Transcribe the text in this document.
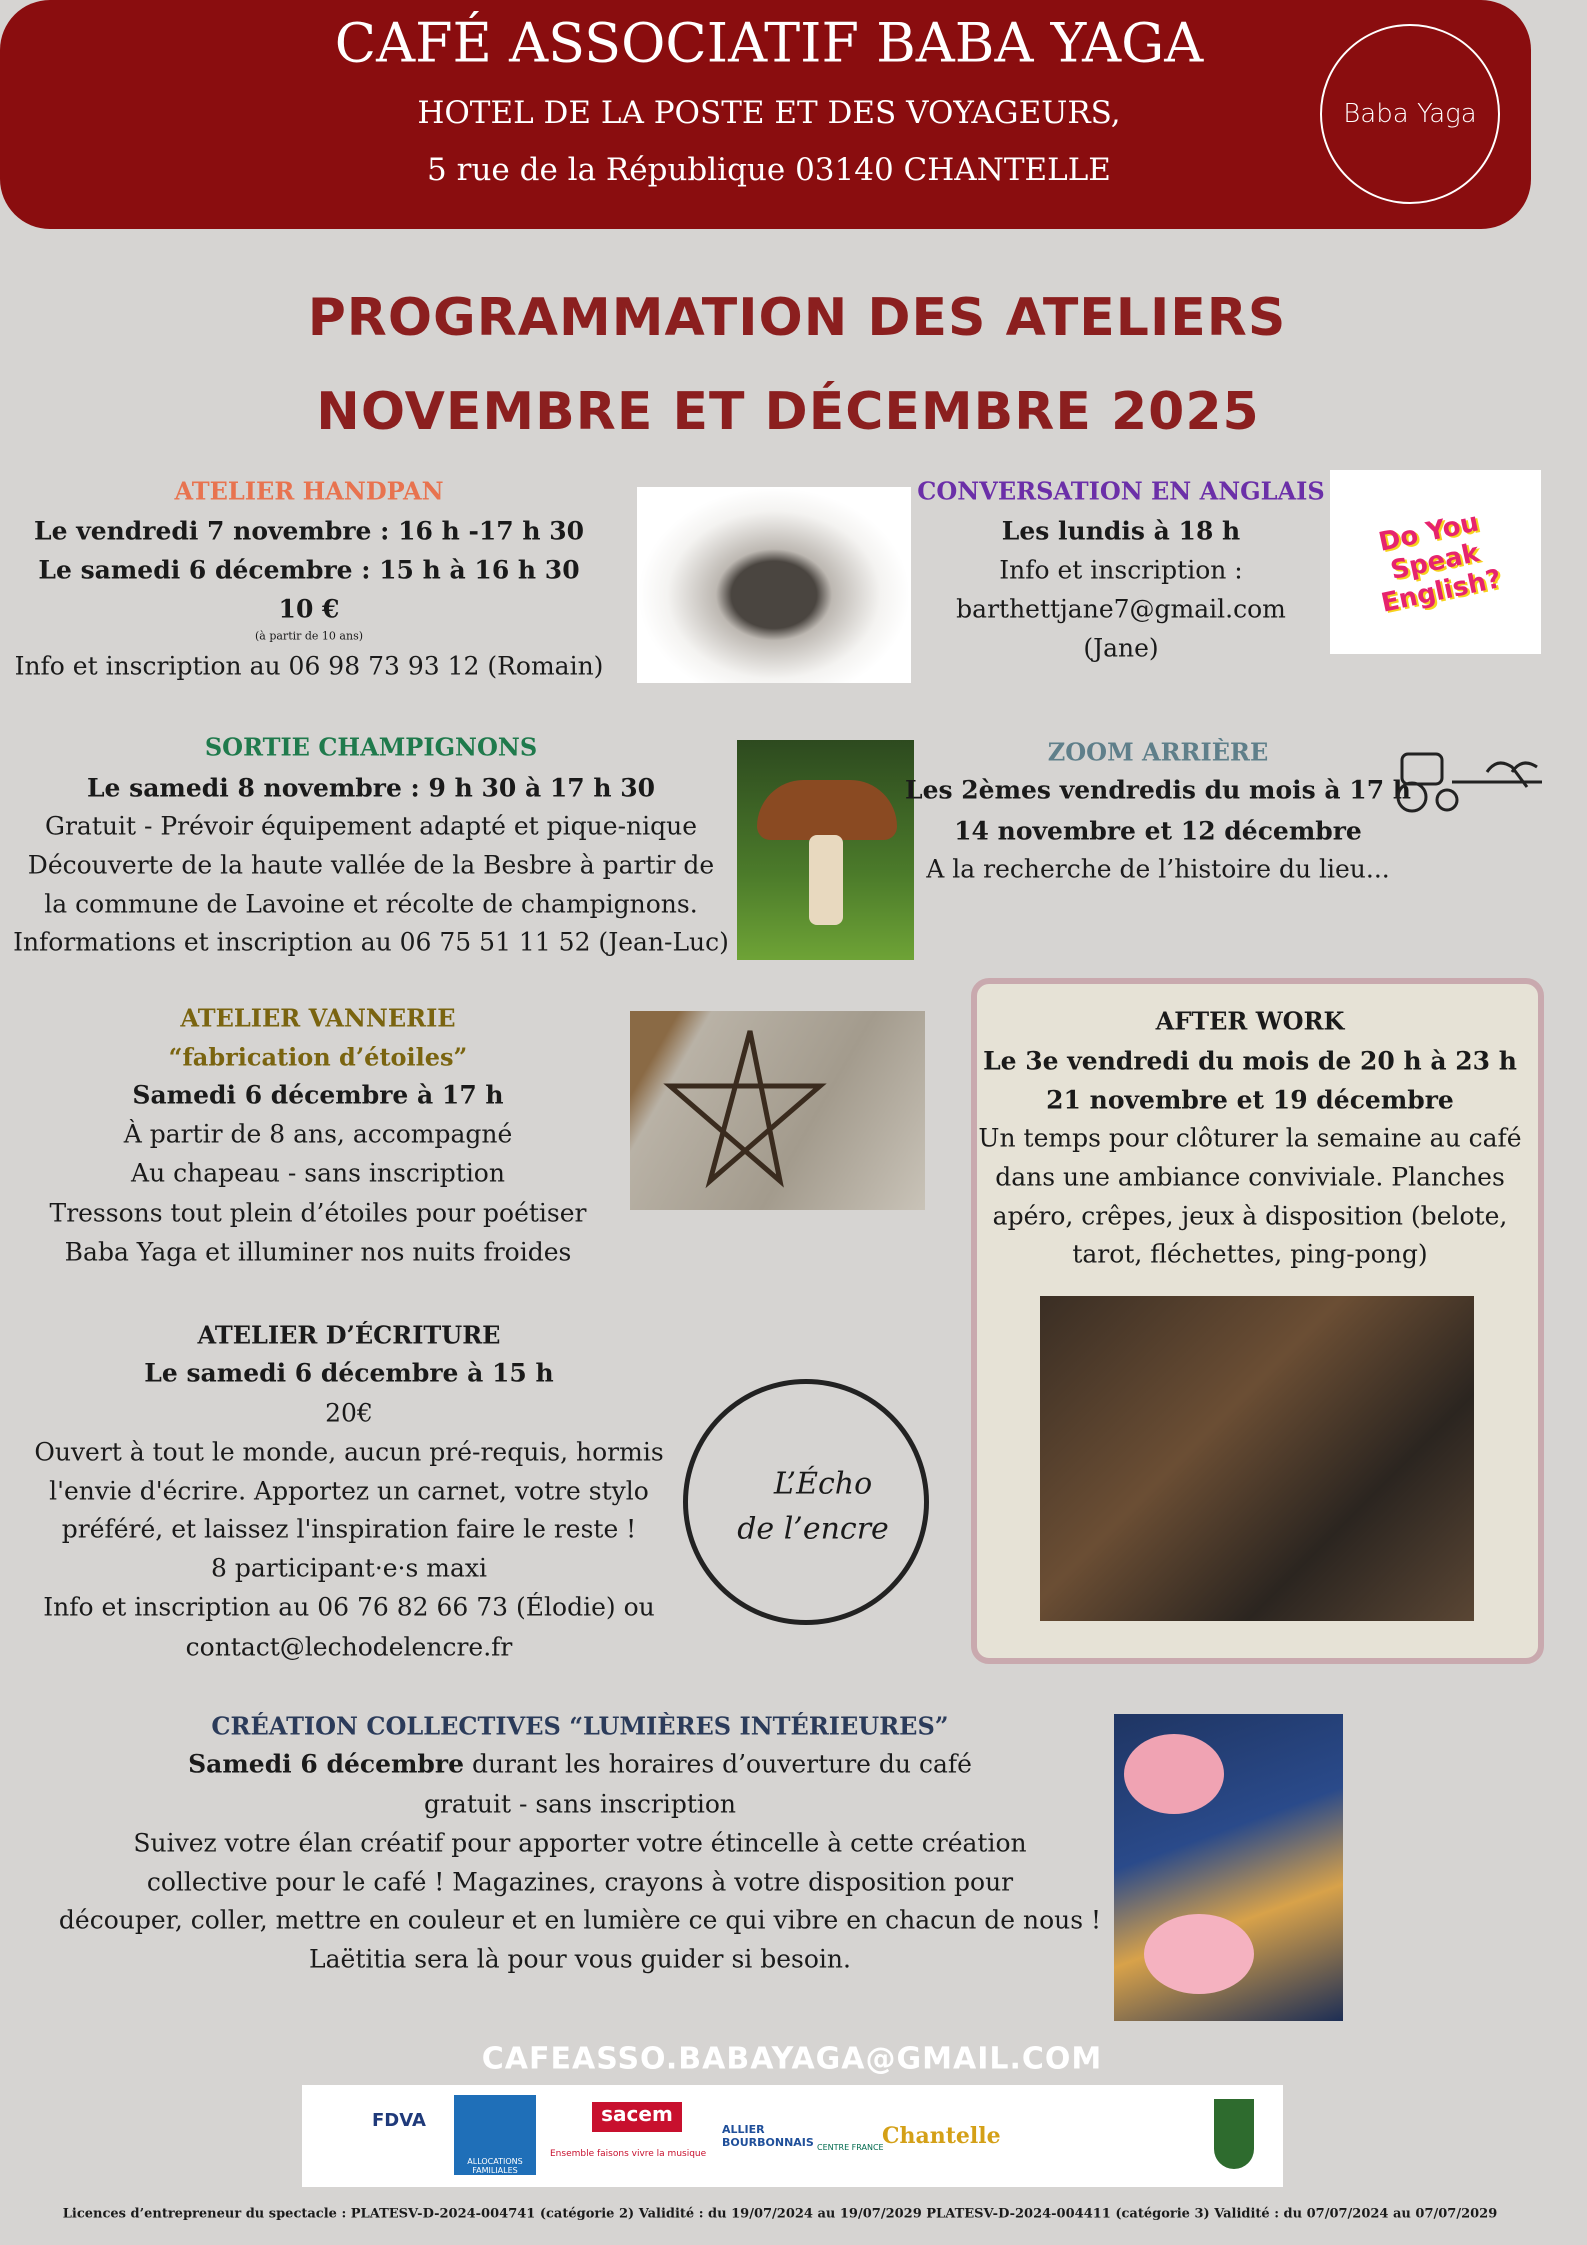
CAFÉ ASSOCIATIF BABA YAGA
HOTEL DE LA POSTE ET DES VOYAGEURS,
5 rue de la République 03140 CHANTELLE
Baba Yaga
PROGRAMMATION DES ATELIERS
NOVEMBRE ET DÉCEMBRE 2025
ATELIER HANDPAN
Le vendredi 7 novembre : 16 h -17 h 30
Le samedi 6 décembre : 15 h à 16 h 30
10 €
(à partir de 10 ans)
Info et inscription au 06 98 73 93 12 (Romain)
CONVERSATION EN ANGLAIS
Les lundis à 18 h
Info et inscription :
barthettjane7@gmail.com
(Jane)
Do You Speak English?
SORTIE CHAMPIGNONS
Le samedi 8 novembre : 9 h 30 à 17 h 30
Gratuit - Prévoir équipement adapté et pique-nique
Découverte de la haute vallée de la Besbre à partir de
la commune de Lavoine et récolte de champignons.
Informations et inscription au 06 75 51 11 52 (Jean-Luc)
ZOOM ARRIÈRE
Les 2èmes vendredis du mois à 17 h
14 novembre et 12 décembre
A la recherche de l’histoire du lieu...
AFTER WORK
Le 3e vendredi du mois de 20 h à 23 h
21 novembre et 19 décembre
Un temps pour clôturer la semaine au café
dans une ambiance conviviale. Planches
apéro, crêpes, jeux à disposition (belote,
tarot, fléchettes, ping-pong)
ATELIER VANNERIE
“fabrication d’étoiles”
Samedi 6 décembre à 17 h
À partir de 8 ans, accompagné
Au chapeau - sans inscription
Tressons tout plein d’étoiles pour poétiser
Baba Yaga et illuminer nos nuits froides
ATELIER D’ÉCRITURE
Le samedi 6 décembre à 15 h
20€
Ouvert à tout le monde, aucun pré-requis, hormis
l'envie d'écrire. Apportez un carnet, votre stylo
préféré, et laissez l'inspiration faire le reste !
8 participant·e·s maxi
Info et inscription au 06 76 82 66 73 (Élodie) ou
contact@lechodelencre.fr
L’Écho
de l’encre
CRÉATION COLLECTIVES “LUMIÈRES INTÉRIEURES”
Samedi 6 décembre durant les horaires d’ouverture du café
gratuit - sans inscription
Suivez votre élan créatif pour apporter votre étincelle à cette création
collective pour le café ! Magazines, crayons à votre disposition pour
découper, coller, mettre en couleur et en lumière ce qui vibre en chacun de nous !
Laëtitia sera là pour vous guider si besoin.
CAFEASSO.BABAYAGA@GMAIL.COM
FDVA
ALLOCATIONS FAMILIALES
sacem
Ensemble faisons vivre la musique
ALLIER BOURBONNAIS CENTRE FRANCE
Chantelle
Licences d’entrepreneur du spectacle : PLATESV-D-2024-004741 (catégorie 2) Validité : du 19/07/2024 au 19/07/2029 PLATESV-D-2024-004411 (catégorie 3) Validité : du 07/07/2024 au 07/07/2029
